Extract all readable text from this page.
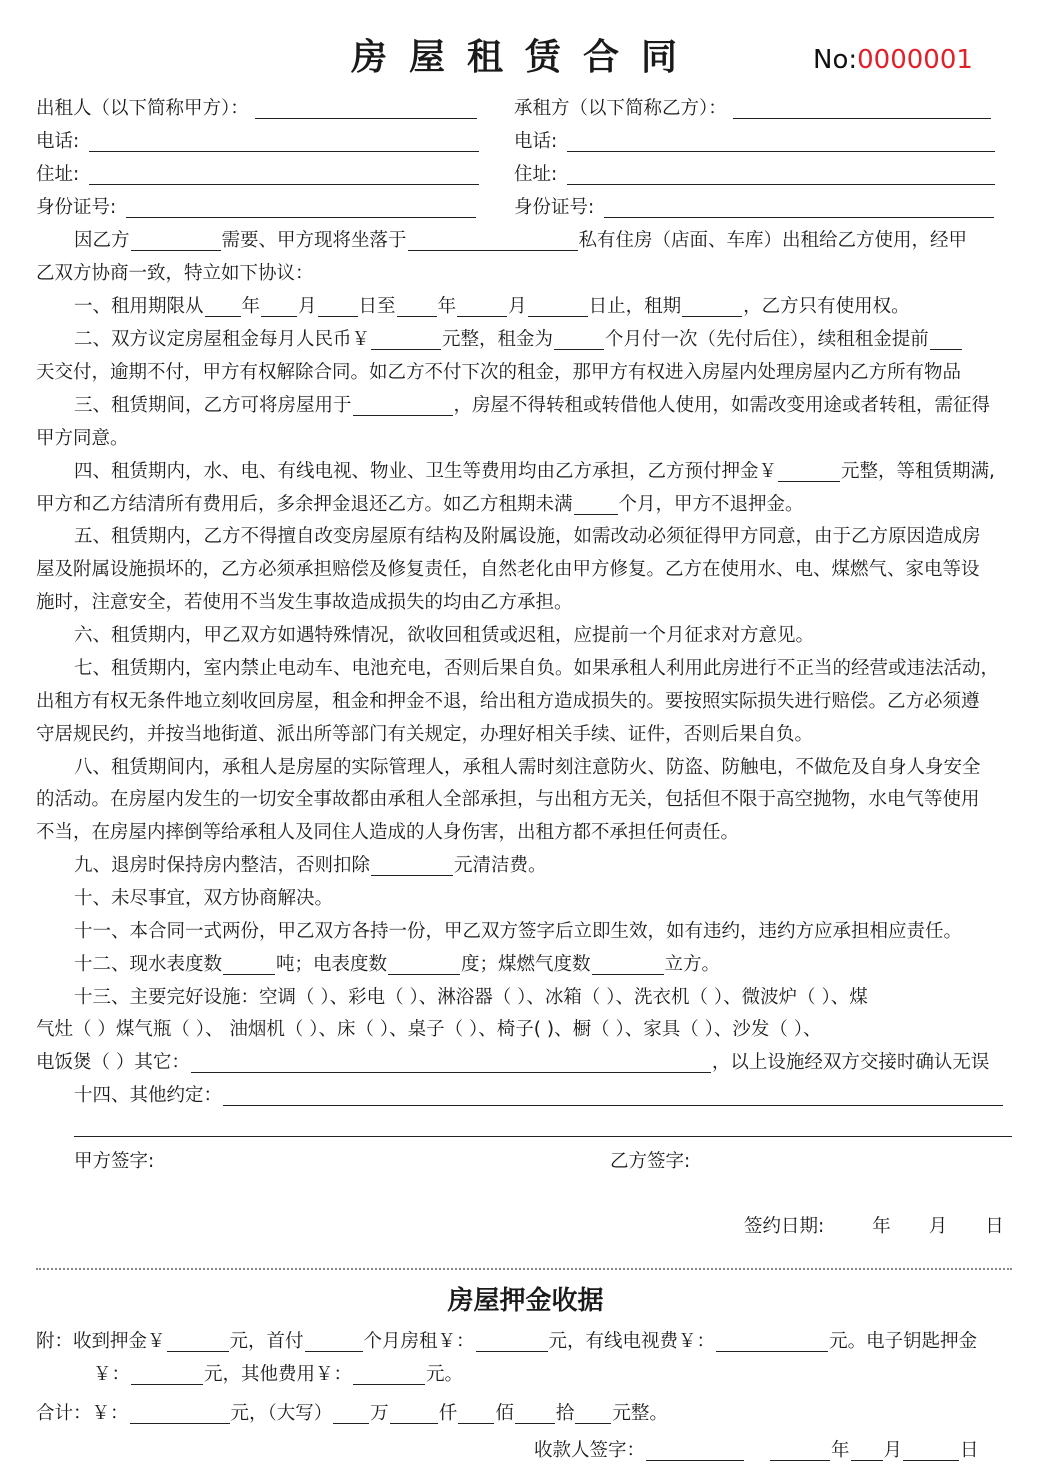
房屋租赁合同	No:0000001
出租人（以下简称甲方）：	承租方（以下简称乙方）：
电话:	电话:
住址:	住址:
身份证号:	身份证号:
因乙方	需要、甲方现将坐落于	私有住房（店面、车库）出租给乙方使用，经甲
乙双方协商一致，特立如下协议：
一、租用期限从 年 月 日至 年	月	日止，租期	，乙方只有使用权。
二、双方议定房屋租金每月人民币￥	元整，租金为	个月付一次（先付后住），续租租金提前
天交付，逾期不付，甲方有权解除合同。如乙方不付下次的租金，那甲方有权进入房屋内处理房屋内乙方所有物品
三、租赁期间，乙方可将房屋用于	，房屋不得转租或转借他人使用，如需改变用途或者转租，需征得
甲方同意。
四、租赁期内，水、电、有线电视、物业、卫生等费用均由乙方承担，乙方预付押金￥	元整，等租赁期满,
甲方和乙方结清所有费用后，多余押金退还乙方。如乙方租期未满 个月，甲方不退押金。
五、租赁期内，乙方不得擅自改变房屋原有结构及附属设施，如需改动必须征得甲方同意，由于乙方原因造成房
屋及附属设施损坏的，乙方必须承担赔偿及修复责任，自然老化由甲方修复。乙方在使用水、电、煤燃气、家电等设
施时，注意安全，若使用不当发生事故造成损失的均由乙方承担。
六、租赁期内，甲乙双方如遇特殊情况，欲收回租赁或迟租，应提前一个月征求对方意见。
七、租赁期内，室内禁止电动车、电池充电，否则后果自负。如果承租人利用此房进行不正当的经营或违法活动，
出租方有权无条件地立刻收回房屋，租金和押金不退，给出租方造成损失的。要按照实际损失进行赔偿。乙方必须遵
守居规民约，并按当地街道、派出所等部门有关规定，办理好相关手续、证件，否则后果自负。
八、租赁期间内，承租人是房屋的实际管理人，承租人需时刻注意防火、防盗、防触电，不做危及自身人身安全
的活动。在房屋内发生的一切安全事故都由承租人全部承担，与出租方无关，包括但不限于高空抛物，水电气等使用
不当，在房屋内摔倒等给承租人及同住人造成的人身伤害，出租方都不承担任何责任。
九、退房时保持房内整洁，否则扣除	元清洁费。
十、未尽事宜，双方协商解决。
十一、本合同一式两份，甲乙双方各持一份，甲乙双方签字后立即生效，如有违约，违约方应承担相应责任。
十二、现水表度数	吨；电表度数	度；煤燃气度数	立方。
十三、主要完好设施：空调（ ）、彩电（ ）、淋浴器（ ）、冰箱（ ）、洗衣机（ ）、微波炉（ ）、煤
气灶（ ）煤气瓶（ ）、 油烟机（ ）、床（ ）、桌子（ ）、椅子( )、橱（ ）、家具（ ）、沙发（ ）、
电饭煲（ ）其它：	，以上设施经双方交接时确认无误
十四、其他约定：
甲方签字:	乙方签字:
签约日期:	年 月 日
房屋押金收据
附：收到押金￥	元，首付	个月房租￥：	元，有线电视费￥：	元。电子钥匙押金
￥：	元，其他费用￥：	元。
合计：￥：	元，（大写） 万	仟 佰 拾 元整。
收款人签字：	年 月	日
